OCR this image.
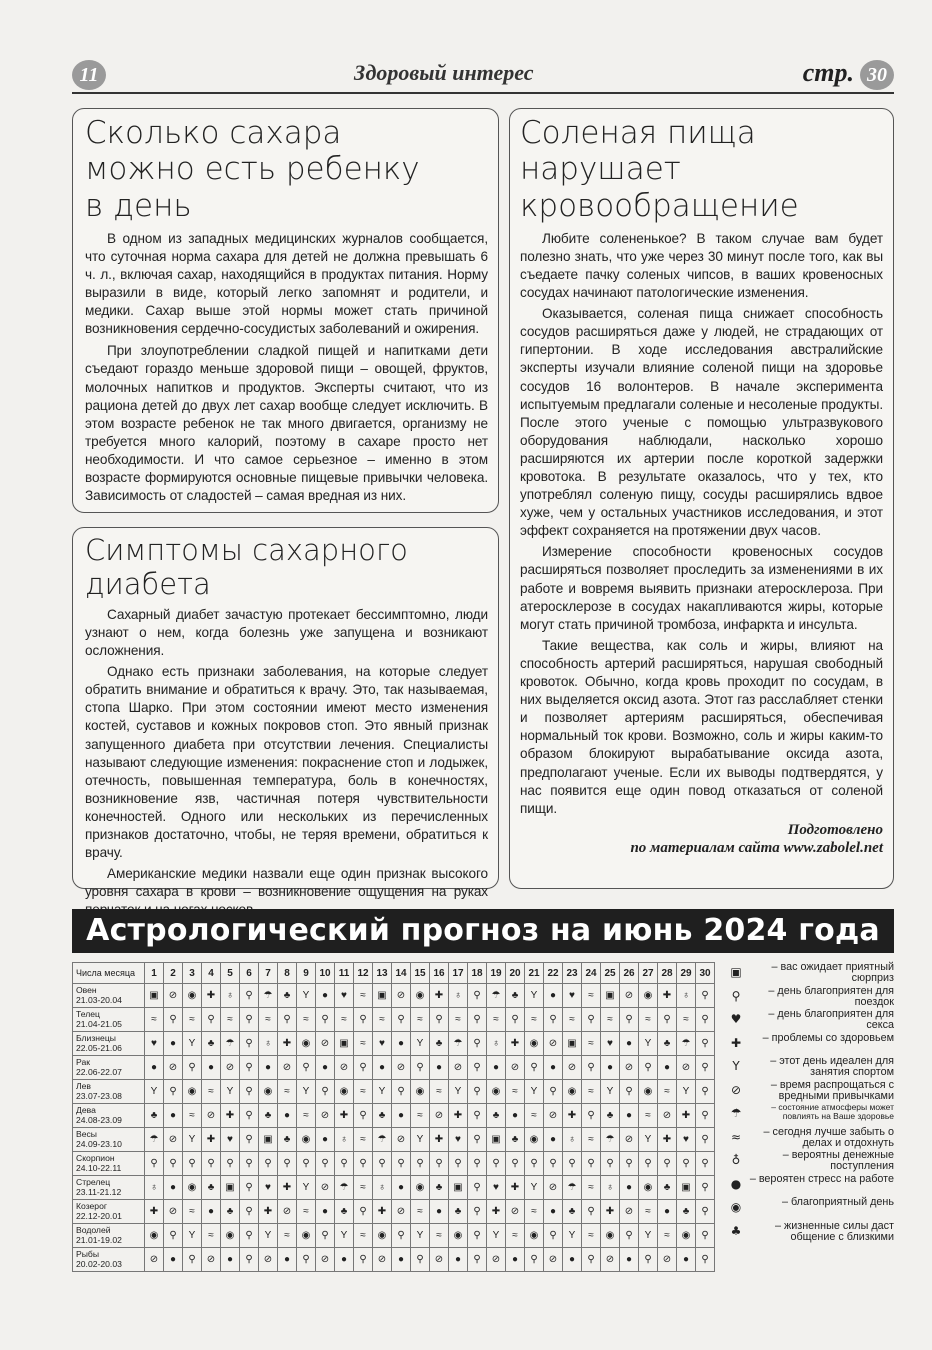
11	Здоровый интерес	стр. 30
Сколько сахара можно есть ребенку в день

В одном из западных медицинских журналов сообщается, что суточная норма сахара для детей не должна превышать 6 ч. л., включая сахар, находящийся в продуктах питания. Норму выразили в виде, который легко запомнят и родители, и медики. Сахар выше этой нормы может стать причиной возникновения сердечно-сосудистых заболеваний и ожирения.

При злоупотреблении сладкой пищей и напитками дети съедают гораздо меньше здоровой пищи – овощей, фруктов, молочных напитков и продуктов. Эксперты считают, что из рациона детей до двух лет сахар вообще следует исключить. В этом возрасте ребенок не так много двигается, организму не требуется много калорий, поэтому в сахаре просто нет необходимости. И что самое серьезное – именно в этом возрасте формируются основные пищевые привычки человека. Зависимость от сладостей – самая вредная из них.

Симптомы сахарного диабета

Сахарный диабет зачастую протекает бессимптомно, люди узнают о нем, когда болезнь уже запущена и возникают осложнения.

Однако есть признаки заболевания, на которые следует обратить внимание и обратиться к врачу. Это, так называемая, стопа Шарко. При этом состоянии имеют место изменения костей, суставов и кожных покровов стоп. Это явный признак запущенного диабета при отсутствии лечения. Специалисты называют следующие изменения: покраснение стоп и лодыжек, отечность, повышенная температура, боль в конечностях, возникновение язв, частичная потеря чувствительности конечностей. Одного или нескольких из перечисленных признаков достаточно, чтобы, не теряя времени, обратиться к врачу.

Американские медики назвали еще один признак высокого уровня сахара в крови – возникновение ощущения на руках

Соленая пища нарушает кровообращение

Любите солененькое? В таком случае вам будет полезно знать, что уже через 30 минут после того, как вы съедаете пачку соленых чипсов, в ваших кровеносных сосудах начинают патологические изменения.

Оказывается, соленая пища снижает способность сосудов расширяться даже у людей, не страдающих от гипертонии. В ходе исследования австралийские эксперты изучали влияние соленой пищи на здоровье сосудов 16 волонтеров. В начале эксперимента испытуемым предлагали соленые и несоленые продукты. После этого ученые с помощью ультразвукового оборудования наблюдали, насколько хорошо расширяются их артерии после короткой задержки кровотока. В результате оказалось, что у тех, кто употреблял соленую пищу, сосуды расширялись вдвое хуже, чем у остальных участников исследования, и этот эффект сохраняется на протяжении двух часов.

Измерение способности кровеносных сосудов расширяться позволяет проследить за изменениями в их работе и вовремя выявить признаки атеросклероза. При атеросклерозе в сосудах накапливаются жиры, которые могут стать причиной тромбоза, инфаркта и инсульта.

Такие вещества, как соль и жиры, влияют на способность артерий расширяться, нарушая свободный кровоток. Обычно, когда кровь проходит по сосудам, в них выделяется оксид азота. Этот газ расслабляет стенки и позволяет артериям расширяться, обеспечивая нормальный ток крови. Возможно, соль и жиры каким-то образом блокируют вырабатывание оксида азота, предполагают ученые. Если их выводы подтвердятся, у нас появится еще один повод отказаться от соленой пищи.

Подготовлено
по материалам сайта www.zabolel.net
Астрологический прогноз на июнь 2024 года
Числа месяца	1	2	3	4	5	6	7	8	9	10	11	12	13	14	15	16	17	18	19	20	21	22	23	24	25	26	27	28	29	30

Овен
21.03-20.04	▣	⊘	◉	✚	♁	⚲	☂	♣	Y	●	♥	≈	▣	⊘	◉	✚	♁	⚲	☂	♣	Y	●	♥	≈	▣	⊘	◉	✚	♁	⚲

Телец
21.04-21.05	≈	⚲	≈	⚲	≈	⚲	≈	⚲	≈	⚲	≈	⚲	≈	⚲	≈	⚲	≈	⚲	≈	⚲	≈	⚲	≈	⚲	≈	⚲	≈	⚲	≈	⚲

Близнецы
22.05-21.06	♥	●	Y	♣	☂	⚲	♁	✚	◉	⊘	▣	≈	♥	●	Y	♣	☂	⚲	♁	✚	◉	⊘	▣	≈	♥	●	Y	♣	☂	⚲

Рак
22.06-22.07	●	⊘	⚲	●	⊘	⚲	●	⊘	⚲	●	⊘	⚲	●	⊘	⚲	●	⊘	⚲	●	⊘	⚲	●	⊘	⚲	●	⊘	⚲	●	⊘	⚲

Лев
23.07-23.08	Y	⚲	◉	≈	Y	⚲	◉	≈	Y	⚲	◉	≈	Y	⚲	◉	≈	Y	⚲	◉	≈	Y	⚲	◉	≈	Y	⚲	◉	≈	Y	⚲

Дева
24.08-23.09	♣	●	≈	⊘	✚	⚲	♣	●	≈	⊘	✚	⚲	♣	●	≈	⊘	✚	⚲	♣	●	≈	⊘	✚	⚲	♣	●	≈	⊘	✚	⚲

Весы
24.09-23.10	☂	⊘	Y	✚	♥	⚲	▣	♣	◉	●	♁	≈	☂	⊘	Y	✚	♥	⚲	▣	♣	◉	●	♁	≈	☂	⊘	Y	✚	♥	⚲

Скорпион
24.10-22.11	⚲	⚲	⚲	⚲	⚲	⚲	⚲	⚲	⚲	⚲	⚲	⚲	⚲	⚲	⚲	⚲	⚲	⚲	⚲	⚲	⚲	⚲	⚲	⚲	⚲	⚲	⚲	⚲	⚲	⚲

Стрелец
23.11-21.12	♁	●	◉	♣	▣	⚲	♥	✚	Y	⊘	☂	≈	♁	●	◉	♣	▣	⚲	♥	✚	Y	⊘	☂	≈	♁	●	◉	♣	▣	⚲

Козерог
22.12-20.01	✚	⊘	≈	●	♣	⚲	✚	⊘	≈	●	♣	⚲	✚	⊘	≈	●	♣	⚲	✚	⊘	≈	●	♣	⚲	✚	⊘	≈	●	♣	⚲

Водолей
21.01-19.02	◉	⚲	Y	≈	◉	⚲	Y	≈	◉	⚲	Y	≈	◉	⚲	Y	≈	◉	⚲	Y	≈	◉	⚲	Y	≈	◉	⚲	Y	≈	◉	⚲

Рыбы
20.02-20.03	⊘	●	⚲	⊘	●	⚲	⊘	●	⚲	⊘	●	⚲	⊘	●	⚲	⊘	●	⚲	⊘	●	⚲	⊘	●	⚲	⊘	●	⚲	⊘	●	⚲
▣	– вас ожидает приятный сюрприз
⚲	– день благоприятен для поездок
♥	– день благоприятен для секса
✚	– проблемы со здоровьем
Y	– этот день идеален для занятия спортом
⊘	– время распрощаться с вредными привычками
☂	– состояние атмосферы может повлиять на Ваше здоровье
≈	– сегодня лучше забыть о делах и отдохнуть
♁	– вероятны денежные поступления
● – вероятен стресс на работе
◉	– благоприятный день
♣	– жизненные силы даст общение с близкими
